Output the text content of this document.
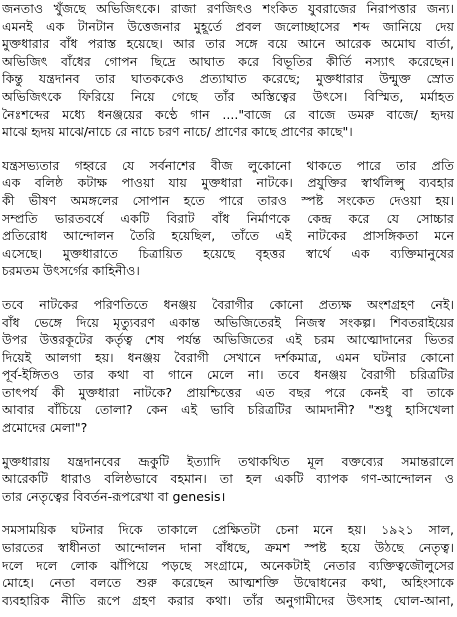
জনতাও খুঁজছে অভিজিৎকে। রাজা রণজিৎও শংকিত যুবরাজের নিরাপত্তার জন্য।
এমনই এক টানটান উত্তেজনার মুহূর্তে প্রবল জলোচ্ছাসের শব্দ জানিয়ে দেয়
মুক্তধারার বাঁধ পরাস্ত হয়েছে। আর তার সঙ্গে বয়ে আনে আরেক অমোঘ বার্তা,
অভিজিৎ বাঁধের গোপন ছিদ্রে আঘাত করে বিভূতির কীর্তি নস্যাৎ করেছেন।
কিন্তু যন্ত্রদানব তার ঘাতককেও প্রত্যাঘাত করেছে; মুক্তধারার উন্মুক্ত স্রোত
অভিজিৎকে ফিরিয়ে নিয়ে গেছে তাঁর অস্তিত্বের উৎসে। বিস্মিত, মর্মাহত
নৈঃশব্দের মধ্যে ধনঞ্জয়ের কণ্ঠে গান ...."বাজে রে বাজে ডমরু বাজে/ হৃদয়
মাঝে হৃদয় মাঝে/নাচে রে নাচে চরণ নাচে/ প্রাণের কাছে প্রাণের কাছে"।
যন্ত্রসভ্যতার গহ্বরে যে সর্বনাশের বীজ লুকোনো থাকতে পারে তার প্রতি
এক বলিষ্ঠ কটাক্ষ পাওয়া যায় মুক্তধারা নাটকে। প্রযুক্তির স্বার্থলিপ্সু ব্যবহার
কী ভীষণ অমঙ্গলের সোপান হতে পারে তারও স্পষ্ট সংকেত দেওয়া হয়।
সম্প্রতি ভারতবর্ষে একটি বিরাট বাঁধ নির্মাণকে কেন্দ্র করে যে সোচ্চার
প্রতিরোধ আন্দোলন তৈরি হয়েছিল, তাঁতে এই নাটকের প্রাসঙ্গিকতা মনে
এসেছে। মুক্তধারাতে চিত্রায়িত হয়েছে বৃহত্তর স্বার্থে এক ব্যক্তিমানুষের
চরমতম উৎসর্গের কাহিনীও।
তবে নাটকের পরিণতিতে ধনঞ্জয় বৈরাগীর কোনো প্রত্যক্ষ অংশগ্রহণ নেই।
বাঁধ ভেঙ্গে দিয়ে মৃত্যুবরণ একান্ত অভিজিতেরই নিজস্ব সংকল্প। শিবতরাইয়ের
উপর উত্তরকূটের কর্তৃত্ব শেষ পর্যন্ত অভিজিতের এই চরম আত্মোদানের ভিতর
দিয়েই আলগা হয়। ধনঞ্জয় বৈরাগী সেখানে দর্শকমাত্র, এমন ঘটনার কোনো
পূর্ব-ইঙ্গিতও তার কথা বা গানে মেলে না। তবে ধনঞ্জয় বৈরাগী চরিত্রটির
তাৎপর্য কী মুক্তধারা নাটকে? প্রায়শ্চিত্তের এত বছর পরে কেনই বা তাকে
আবার বাঁচিয়ে তোলা? কেন এই ভাবি চরিত্রটির আমদানী? "শুধু হাসিখেলা
প্রমোদের মেলা"?
মুক্তধারায় যন্ত্রদানবের ভ্রূকুটি ইত্যাদি তথাকথিত মূল বক্তব্যের সমান্তরালে
আরেকটি ধারাও বলিষ্ঠভাবে বহমান। তা হল একটি ব্যাপক গণ-আন্দোলন ও
তার নেতৃত্বের বিবর্তন-রূপরেখা বা genesis।
সমসাময়িক ঘটনার দিকে তাকালে প্রেক্ষিতটা চেনা মনে হয়। ১৯২১ সাল,
ভারতের স্বাধীনতা আন্দোলন দানা বাঁধছে, ক্রমশ স্পষ্ট হয়ে উঠছে নেতৃত্ব।
দলে দলে লোক ঝাঁপিয়ে পড়ছে সংগ্রামে, অনেকটাই নেতার ব্যক্তিত্বজৌলুসের
মোহে। নেতা বলতে শুরু করেছেন আত্মশক্তি উদ্বোধনের কথা, অহিংসাকে
ব্যবহারিক নীতি রূপে গ্রহণ করার কথা। তাঁর অনুগামীদের উৎসাহ ঘোল-আনা,
